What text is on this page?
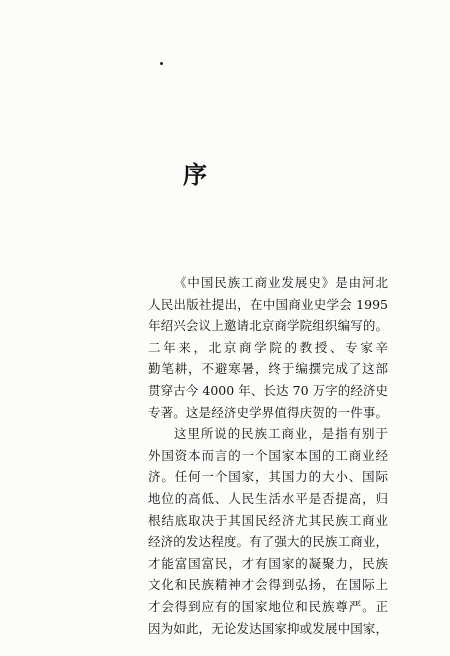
序
《中国民族工商业发展史》是由河北
人民出版社提出，在中国商业史学会 1995
年绍兴会议上邀请北京商学院组织编写的。
二年来，北京商学院的教授、专家辛
勤笔耕，不避寒暑，终于编撰完成了这部
贯穿古今 4000 年、长达 70 万字的经济史
专著。这是经济史学界值得庆贺的一件事。
这里所说的民族工商业，是指有别于
外国资本而言的一个国家本国的工商业经
济。任何一个国家，其国力的大小、国际
地位的高低、人民生活水平是否提高，归
根结底取决于其国民经济尤其民族工商业
经济的发达程度。有了强大的民族工商业，
才能富国富民，才有国家的凝聚力，民族
文化和民族精神才会得到弘扬，在国际上
才会得到应有的国家地位和民族尊严。正
因为如此，无论发达国家抑或发展中国家，
